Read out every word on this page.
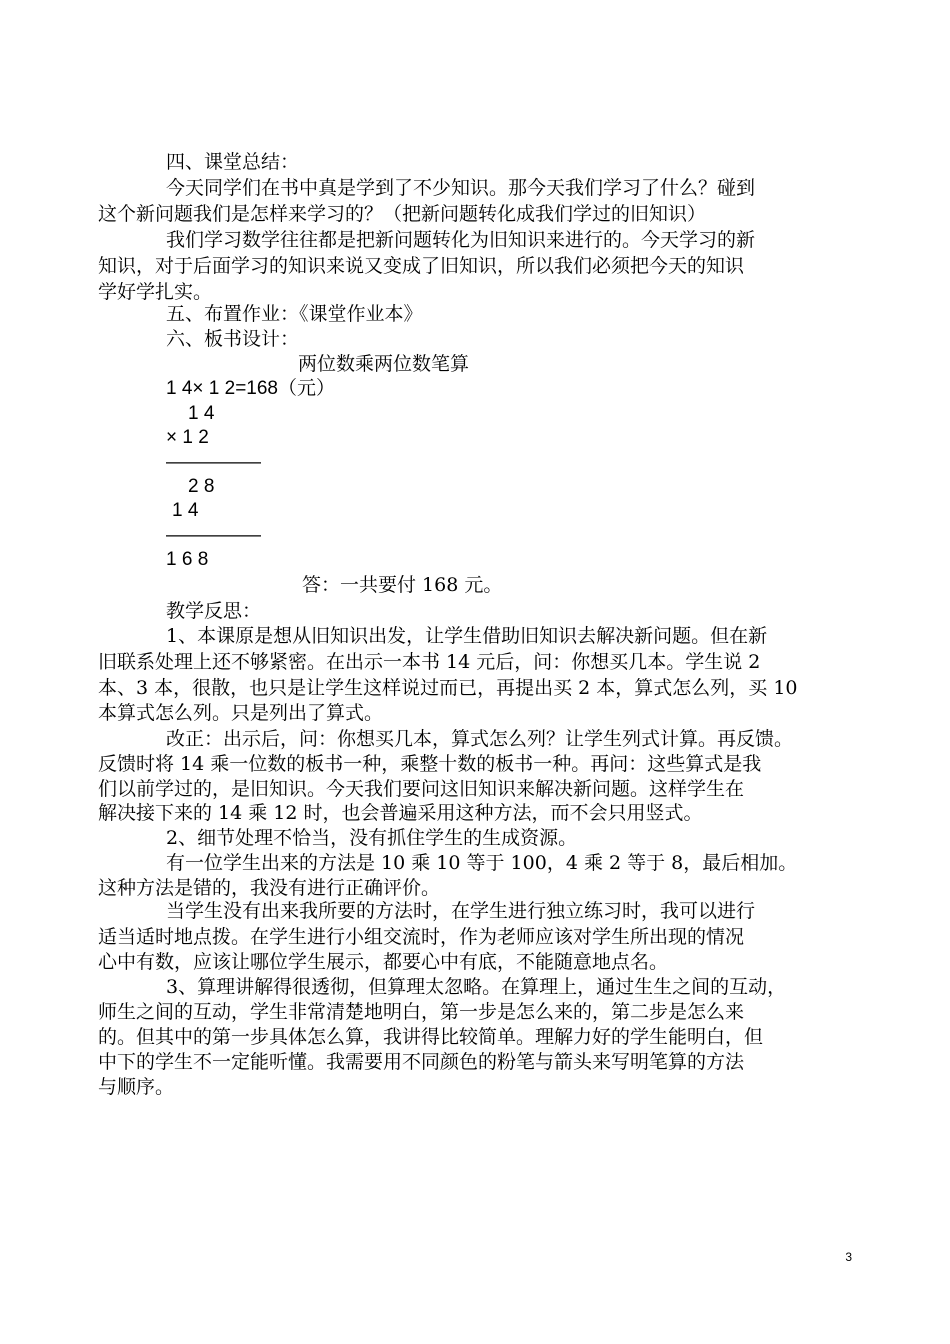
四、课堂总结：
今天同学们在书中真是学到了不少知识。那今天我们学习了什么？碰到
这个新问题我们是怎样来学习的？（把新问题转化成我们学过的旧知识）
我们学习数学往往都是把新问题转化为旧知识来进行的。今天学习的新
知识，对于后面学习的知识来说又变成了旧知识，所以我们必须把今天的知识
学好学扎实。
五、布置作业：《课堂作业本》
六、板书设计：
两位数乘两位数笔算
1 4× 1 2=168（元）
1 4
× 1 2
—————
2 8
1 4
—————
1 6 8
答：一共要付 168 元。
教学反思：
1、本课原是想从旧知识出发，让学生借助旧知识去解决新问题。但在新
旧联系处理上还不够紧密。在出示一本书 14 元后，问：你想买几本。学生说 2
本、3 本，很散，也只是让学生这样说过而已，再提出买 2 本，算式怎么列，买 10
本算式怎么列。只是列出了算式。
改正：出示后，问：你想买几本，算式怎么列？让学生列式计算。再反馈。
反馈时将 14 乘一位数的板书一种，乘整十数的板书一种。再问：这些算式是我
们以前学过的，是旧知识。今天我们要问这旧知识来解决新问题。这样学生在
解决接下来的 14 乘 12 时，也会普遍采用这种方法，而不会只用竖式。
2、细节处理不恰当，没有抓住学生的生成资源。
有一位学生出来的方法是 10 乘 10 等于 100，4 乘 2 等于 8，最后相加。
这种方法是错的，我没有进行正确评价。
当学生没有出来我所要的方法时，在学生进行独立练习时，我可以进行
适当适时地点拨。在学生进行小组交流时，作为老师应该对学生所出现的情况
心中有数，应该让哪位学生展示，都要心中有底，不能随意地点名。
3、算理讲解得很透彻，但算理太忽略。在算理上，通过生生之间的互动，
师生之间的互动，学生非常清楚地明白，第一步是怎么来的，第二步是怎么来
的。但其中的第一步具体怎么算，我讲得比较简单。理解力好的学生能明白，但
中下的学生不一定能听懂。我需要用不同颜色的粉笔与箭头来写明笔算的方法
与顺序。
3
